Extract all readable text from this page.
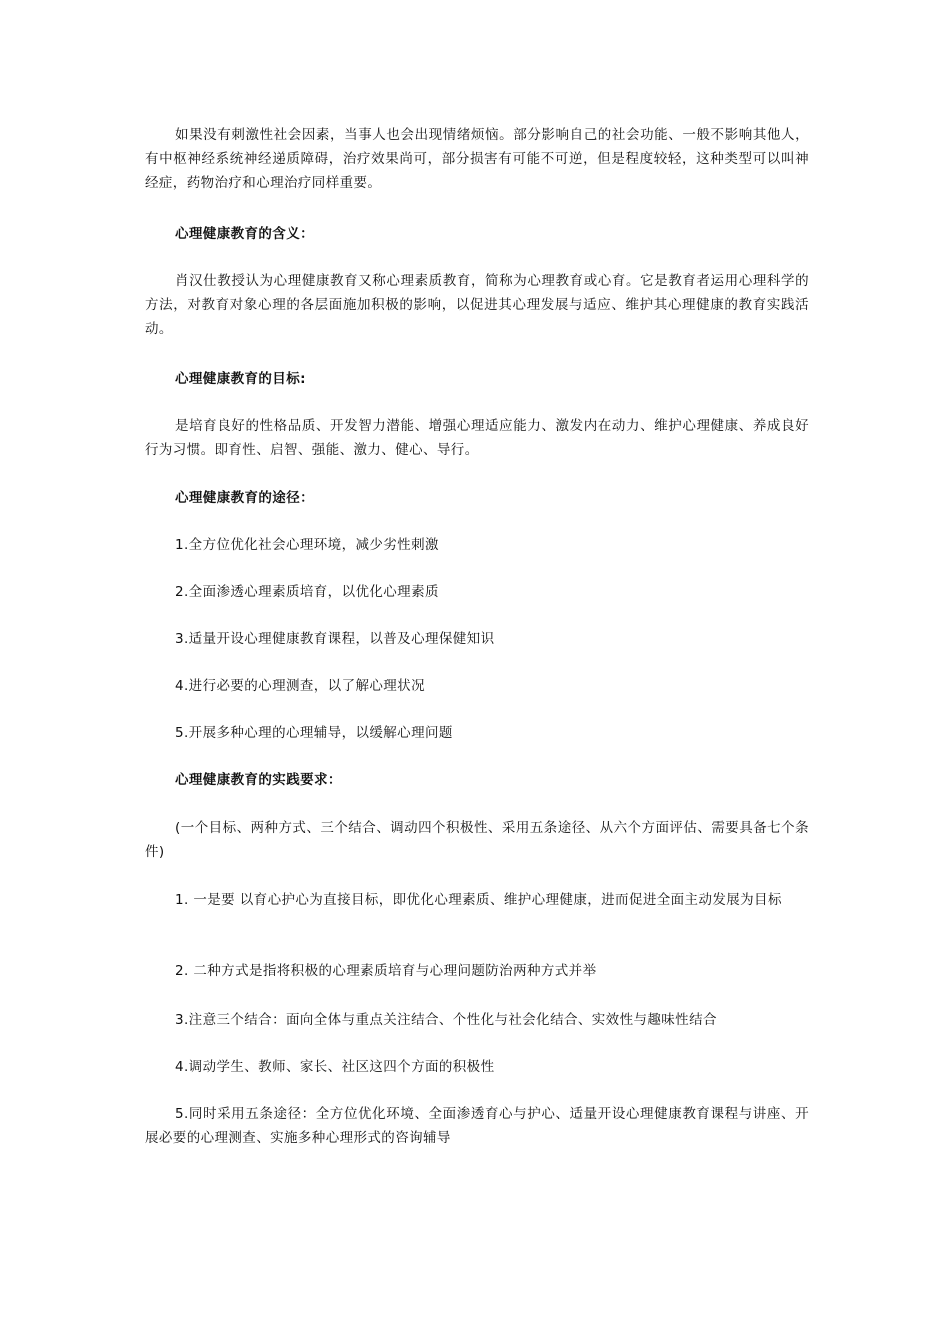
如果没有刺激性社会因素，当事人也会出现情绪烦恼。部分影响自己的社会功能、一般不影响其他人，有中枢神经系统神经递质障碍，治疗效果尚可，部分损害有可能不可逆，但是程度较轻，这种类型可以叫神经症，药物治疗和心理治疗同样重要。

心理健康教育的含义：

肖汉仕教授认为心理健康教育又称心理素质教育，简称为心理教育或心育。它是教育者运用心理科学的方法，对教育对象心理的各层面施加积极的影响，以促进其心理发展与适应、维护其心理健康的教育实践活动。

心理健康教育的目标:

是培育良好的性格品质、开发智力潜能、增强心理适应能力、激发内在动力、维护心理健康、养成良好行为习惯。即育性、启智、强能、激力、健心、导行。

心理健康教育的途径：

1.全方位优化社会心理环境，减少劣性刺激

2.全面渗透心理素质培育，以优化心理素质

3.适量开设心理健康教育课程，以普及心理保健知识

4.进行必要的心理测查，以了解心理状况

5.开展多种心理的心理辅导，以缓解心理问题

心理健康教育的实践要求：

(一个目标、两种方式、三个结合、调动四个积极性、采用五条途径、从六个方面评估、需要具备七个条件)

1. 一是要 以育心护心为直接目标，即优化心理素质、维护心理健康，进而促进全面主动发展为目标

2. 二种方式是指将积极的心理素质培育与心理问题防治两种方式并举

3.注意三个结合：面向全体与重点关注结合、个性化与社会化结合、实效性与趣味性结合

4.调动学生、教师、家长、社区这四个方面的积极性

5.同时采用五条途径：全方位优化环境、全面渗透育心与护心、适量开设心理健康教育课程与讲座、开展必要的心理测查、实施多种心理形式的咨询辅导
